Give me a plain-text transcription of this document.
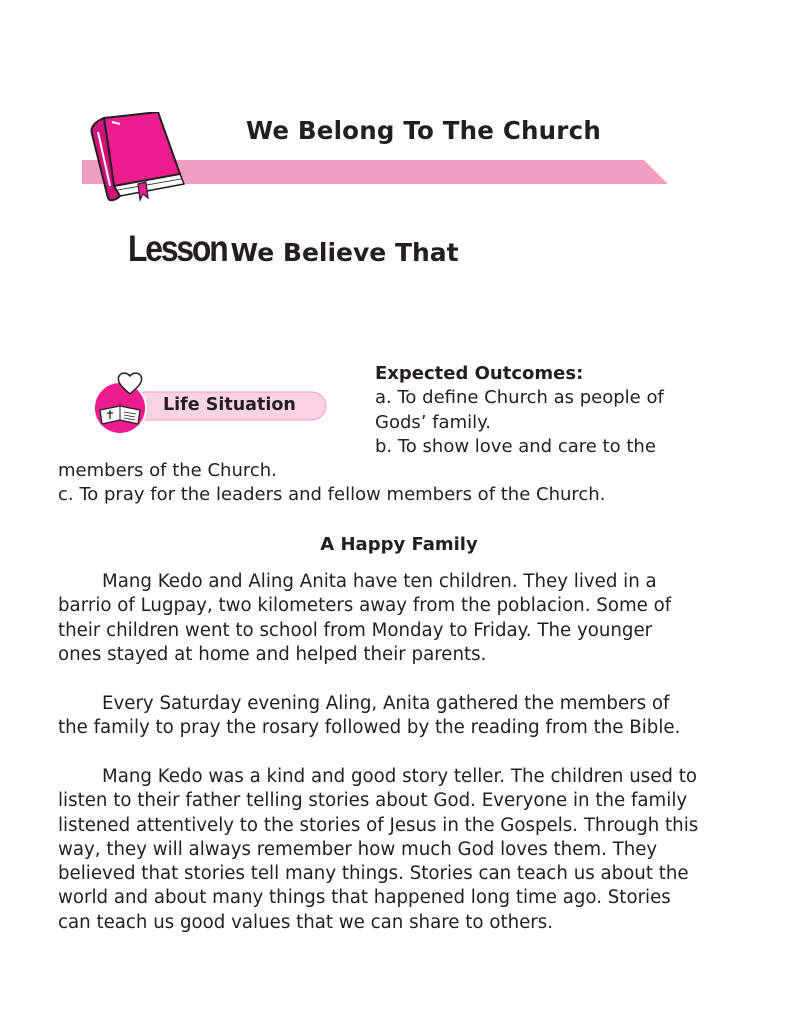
We Belong To The Church
Lesson We Believe That
Life Situation
Expected Outcomes:
a. To define Church as people of
Gods’ family.
b. To show love and care to the
members of the Church.
c. To pray for the leaders and fellow members of the Church.
A Happy Family
Mang Kedo and Aling Anita have ten children. They lived in a
barrio of Lugpay, two kilometers away from the poblacion. Some of
their children went to school from Monday to Friday. The younger
ones stayed at home and helped their parents.
Every Saturday evening Aling, Anita gathered the members of
the family to pray the rosary followed by the reading from the Bible.
Mang Kedo was a kind and good story teller. The children used to
listen to their father telling stories about God. Everyone in the family
listened attentively to the stories of Jesus in the Gospels. Through this
way, they will always remember how much God loves them. They
believed that stories tell many things. Stories can teach us about the
world and about many things that happened long time ago. Stories
can teach us good values that we can share to others.
